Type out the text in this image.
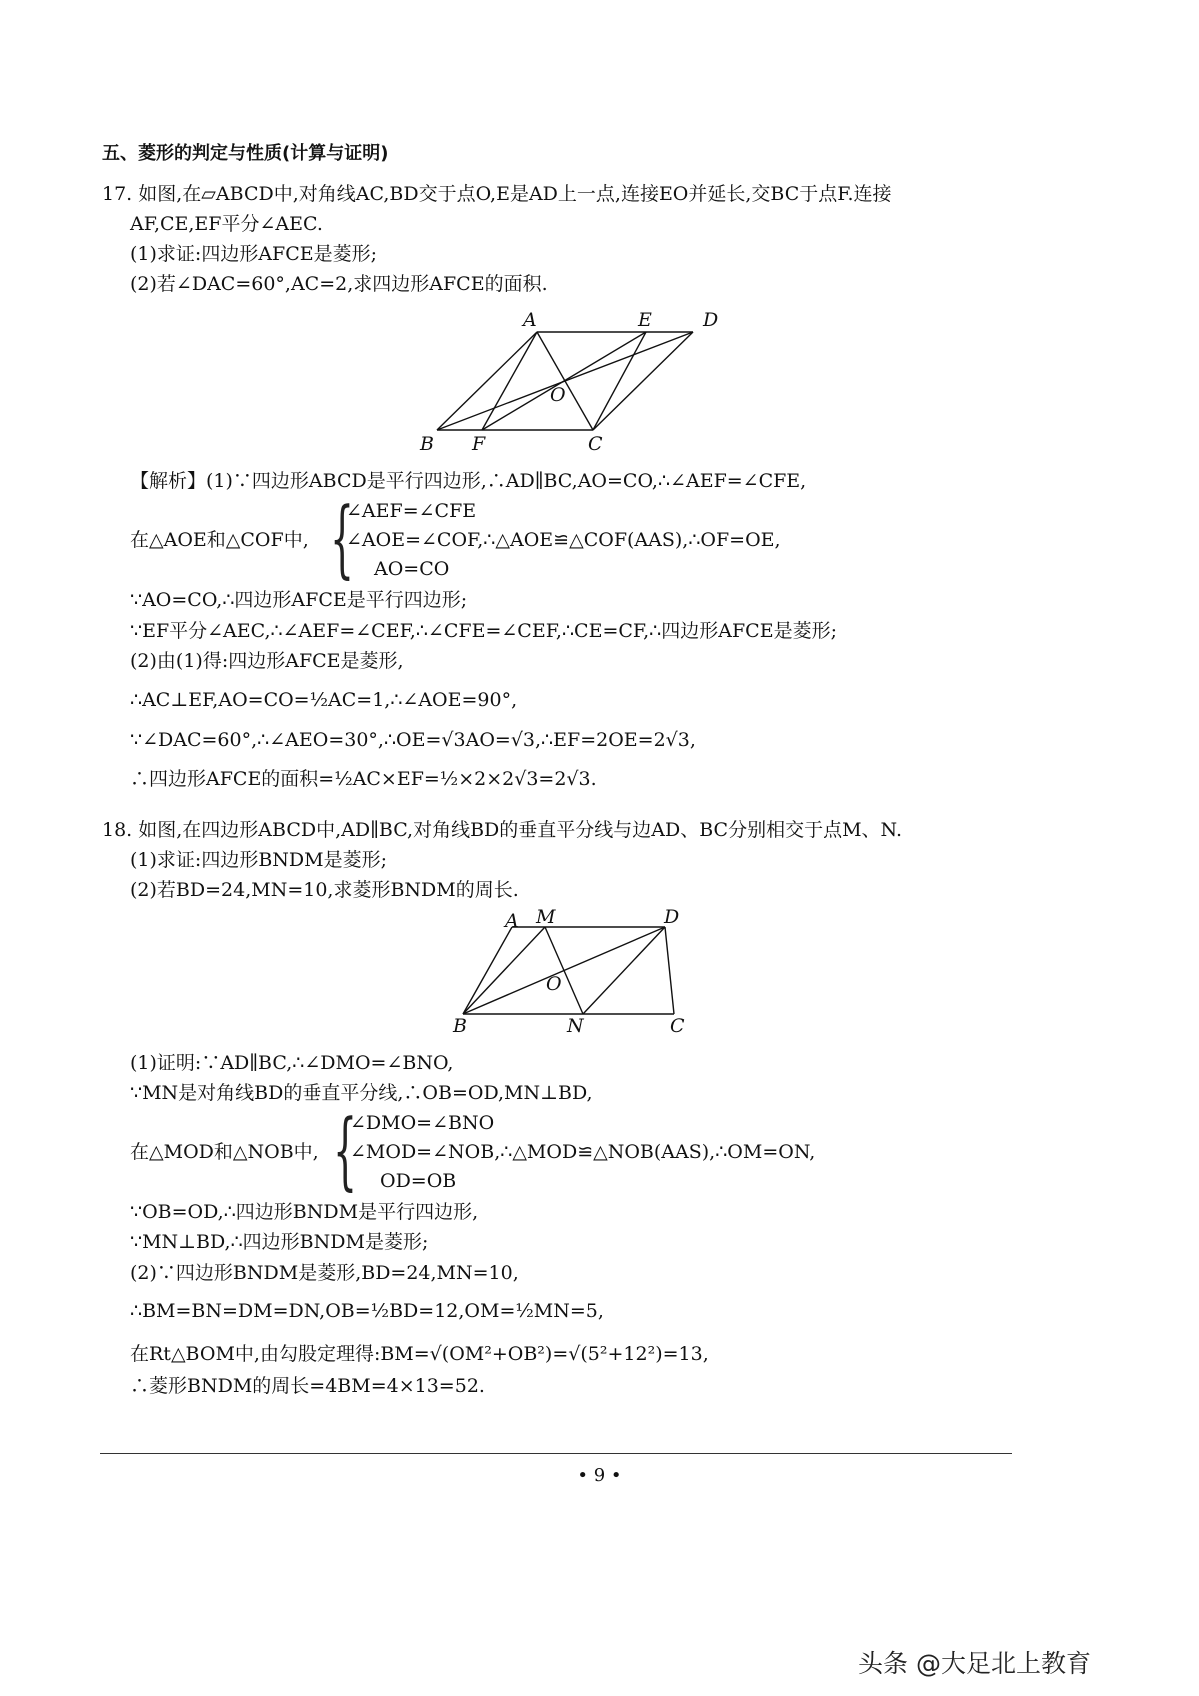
五、菱形的判定与性质(计算与证明)
17. 如图,在▱ABCD中,对角线AC,BD交于点O,E是AD上一点,连接EO并延长,交BC于点F.连接
AF,CE,EF平分∠AEC.
(1)求证:四边形AFCE是菱形;
(2)若∠DAC=60°,AC=2,求四边形AFCE的面积.
A	E	D
O
B F	C
【解析】(1)∵四边形ABCD是平行四边形,∴AD∥BC,AO=CO,∴∠AEF=∠CFE,
在△AOE和△COF中, {
∠AEF=∠CFE
∠AOE=∠COF,∴△AOE≌△COF(AAS),∴OF=OE,
AO=CO
∵AO=CO,∴四边形AFCE是平行四边形;
∵EF平分∠AEC,∴∠AEF=∠CEF,∴∠CFE=∠CEF,∴CE=CF,∴四边形AFCE是菱形;
(2)由(1)得:四边形AFCE是菱形,
∴AC⊥EF,AO=CO=½AC=1,∴∠AOE=90°,
∵∠DAC=60°,∴∠AEO=30°,∴OE=√3AO=√3,∴EF=2OE=2√3,
∴四边形AFCE的面积=½AC×EF=½×2×2√3=2√3.
18. 如图,在四边形ABCD中,AD∥BC,对角线BD的垂直平分线与边AD、BC分别相交于点M、N.
(1)求证:四边形BNDM是菱形;
(2)若BD=24,MN=10,求菱形BNDM的周长.
A M	D
O
B	N	C
(1)证明:∵AD∥BC,∴∠DMO=∠BNO,
∵MN是对角线BD的垂直平分线,∴OB=OD,MN⊥BD,
在△MOD和△NOB中, {
∠DMO=∠BNO
∠MOD=∠NOB,∴△MOD≌△NOB(AAS),∴OM=ON,
OD=OB
∵OB=OD,∴四边形BNDM是平行四边形,
∵MN⊥BD,∴四边形BNDM是菱形;
(2)∵四边形BNDM是菱形,BD=24,MN=10,
∴BM=BN=DM=DN,OB=½BD=12,OM=½MN=5,
在Rt△BOM中,由勾股定理得:BM=√(OM²+OB²)=√(5²+12²)=13,
∴菱形BNDM的周长=4BM=4×13=52.
• 9 •
头条 @大足北上教育
